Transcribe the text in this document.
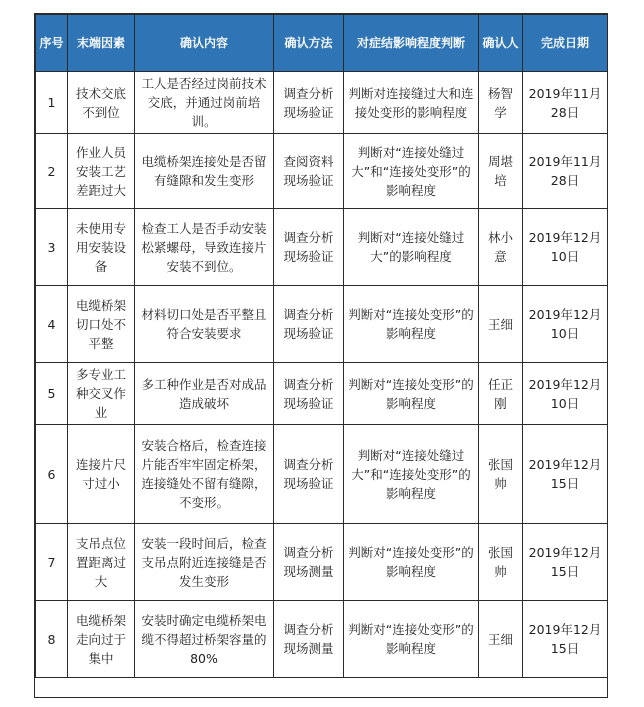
序号	末端因素	确认内容	确认方法	对症结影响程度判断	确认人	完成日期
1	技术交底不到位	工人是否经过岗前技术交底，并通过岗前培训。	调查分析现场验证	判断对连接缝过大和连接处变形的影响程度	杨智学	2019年11月28日
2	作业人员安装工艺差距过大	电缆桥架连接处是否留有缝隙和发生变形	查阅资料现场验证	判断对“连接处缝过大”和“连接处变形”的影响程度	周堪培	2019年11月28日
3	未使用专用安装设备	检查工人是否手动安装松紧螺母，导致连接片安装不到位。	调查分析现场验证	判断对“连接处缝过大”的影响程度	林小意	2019年12月10日
4	电缆桥架切口处不平整	材料切口处是否平整且符合安装要求	调查分析现场验证	判断对“连接处变形”的影响程度	王细	2019年12月10日
5	多专业工种交叉作业	多工种作业是否对成品造成破坏	调查分析现场验证	判断对“连接处变形”的影响程度	任正刚	2019年12月10日
6	连接片尺寸过小	安装合格后，检查连接片能否牢牢固定桥架，连接缝处不留有缝隙，不变形。	调查分析现场验证	判断对“连接处缝过大”和“连接处变形”的影响程度	张国帅	2019年12月15日
7	支吊点位置距离过大	安装一段时间后，检查支吊点附近连接缝是否发生变形	调查分析现场测量	判断对“连接处变形”的影响程度	张国帅	2019年12月15日
8	电缆桥架走向过于集中	安装时确定电缆桥架电缆不得超过桥架容量的80%	调查分析现场测量	判断对“连接处变形”的影响程度	王细	2019年12月15日
